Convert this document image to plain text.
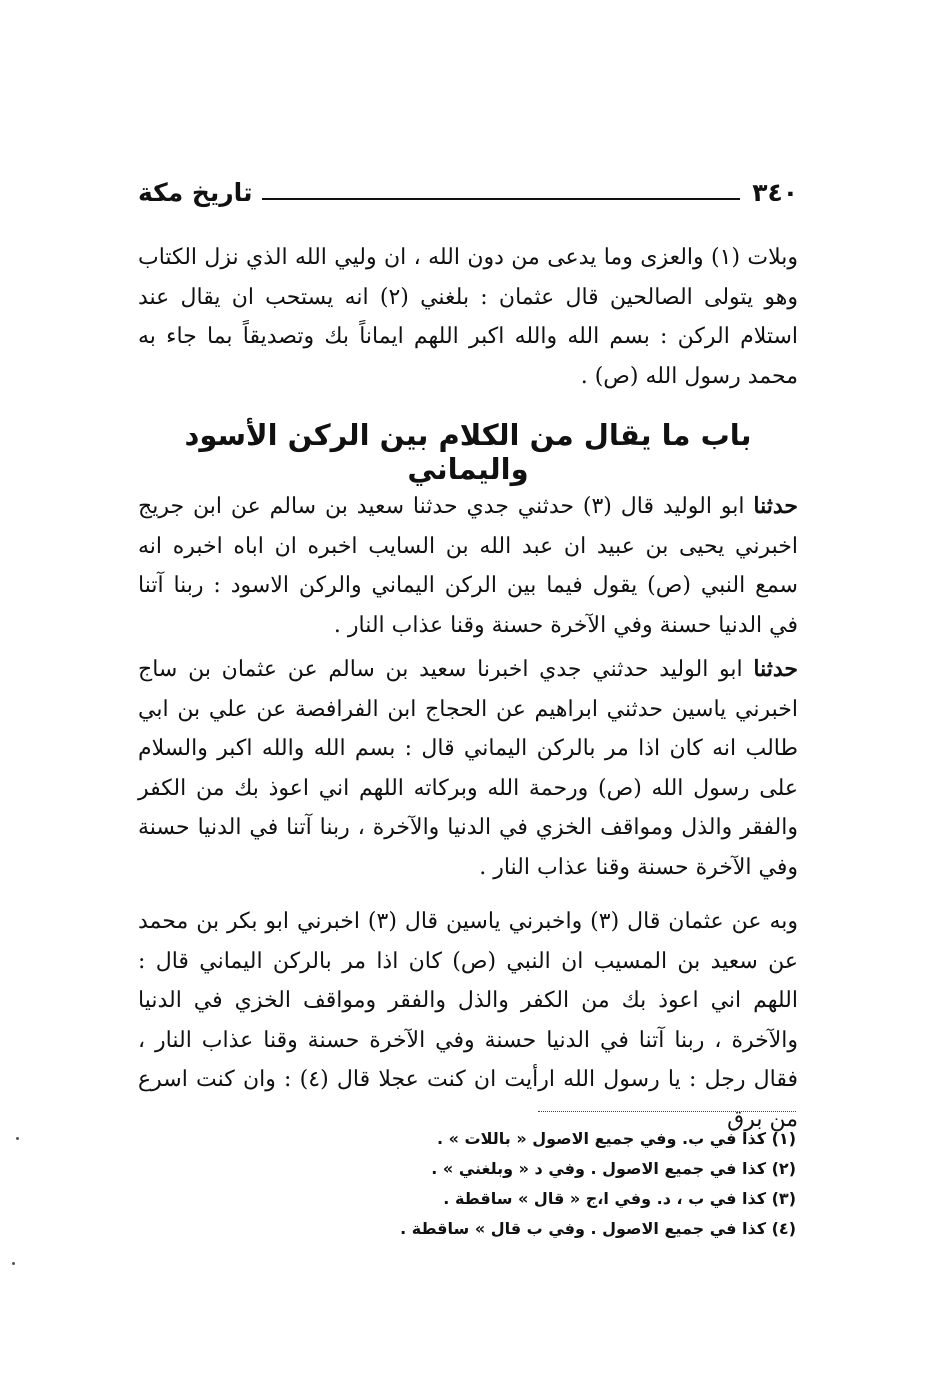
٣٤٠
تاريخ مكة

وبلات (١) والعزى وما يدعى من دون الله ، ان وليي الله الذي نزل الكتاب وهو يتولى الصالحين قال عثمان : بلغني (٢) انه يستحب ان يقال عند استلام الركن : بسم الله والله اكبر اللهم ايماناً بك وتصديقاً بما جاء به محمد رسول الله (ص) .

باب ما يقال من الكلام بين الركن الأسود واليماني

حدثنا ابو الوليد قال (٣) حدثني جدي حدثنا سعيد بن سالم عن ابن جريج اخبرني يحيى بن عبيد ان عبد الله بن السايب اخبره ان اباه اخبره انه سمع النبي (ص) يقول فيما بين الركن اليماني والركن الاسود : ربنا آتنا في الدنيا حسنة وفي الآخرة حسنة وقنا عذاب النار .

حدثنا ابو الوليد حدثني جدي اخبرنا سعيد بن سالم عن عثمان بن ساج اخبرني ياسين حدثني ابراهيم عن الحجاج ابن الفرافصة عن علي بن ابي طالب انه كان اذا مر بالركن اليماني قال : بسم الله والله اكبر والسلام على رسول الله (ص) ورحمة الله وبركاته اللهم اني اعوذ بك من الكفر والفقر والذل ومواقف الخزي في الدنيا والآخرة ، ربنا آتنا في الدنيا حسنة وفي الآخرة حسنة وقنا عذاب النار .

وبه عن عثمان قال (٣) واخبرني ياسين قال (٣) اخبرني ابو بكر بن محمد عن سعيد بن المسيب ان النبي (ص) كان اذا مر بالركن اليماني قال : اللهم اني اعوذ بك من الكفر والذل والفقر ومواقف الخزي في الدنيا والآخرة ، ربنا آتنا في الدنيا حسنة وفي الآخرة حسنة وقنا عذاب النار ، فقال رجل : يا رسول الله ارأيت ان كنت عجلا قال (٤) : وان كنت اسرع من برق

(١) كذا في ب. وفي جميع الاصول « باللات » .
(٢) كذا في جميع الاصول . وفي د « وبلغني » .
(٣) كذا في ب ، د. وفي ا،ج « قال » ساقطة .
(٤) كذا في جميع الاصول . وفي ب قال » ساقطة .
